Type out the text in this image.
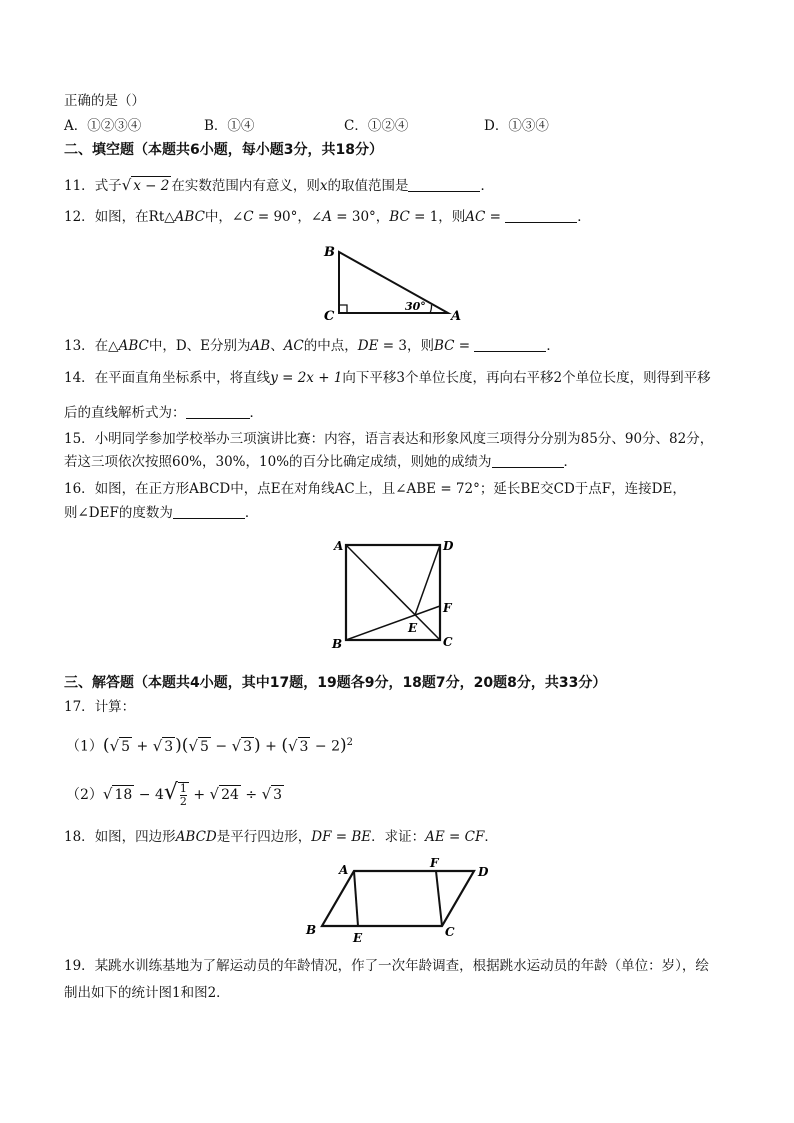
正确的是（）
A．①②③④	B．①④	C．①②④	D．①③④
二、填空题（本题共6小题，每小题3分，共18分）
11．式子√ x − 2 在实数范围内有意义，则x的取值范围是	．
12．如图，在Rt△ABC中，∠C = 90°，∠A = 30°，BC = 1，则AC =	．
B
C	A
30°
13．在△ABC中，D、E分别为AB、AC的中点，DE = 3，则BC =	．
14．在平面直角坐标系中，将直线y = 2x + 1向下平移3个单位长度，再向右平移2个单位长度，则得到平移
后的直线解析式为：	．
15．小明同学参加学校举办三项演讲比赛：内容，语言表达和形象风度三项得分分别为85分、90分、82分，
若这三项依次按照60%，30%，10%的百分比确定成绩，则她的成绩为	．
16．如图，在正方形ABCD中，点E在对角线AC上，且∠ABE = 72°；延长BE交CD于点F，连接DE，
则∠DEF的度数为	．
A	D
B	C
E
F
三、解答题（本题共4小题，其中17题，19题各9分，18题7分，20题8分，共33分）
17．计算：
（1）(√ 5 + √ 3 )(√ 5 − √ 3 ) + (√ 3 − 2)$^2$
（2）√ $18 - 4√ \frac{1}{2}$ + √ 24 ÷ √ 3
18．如图，四边形ABCD是平行四边形，DF = BE．求证：AE = CF．
A	F
D
B
E	C
19．某跳水训练基地为了解运动员的年龄情况，作了一次年龄调查，根据跳水运动员的年龄（单位：岁），绘
制出如下的统计图1和图2．
